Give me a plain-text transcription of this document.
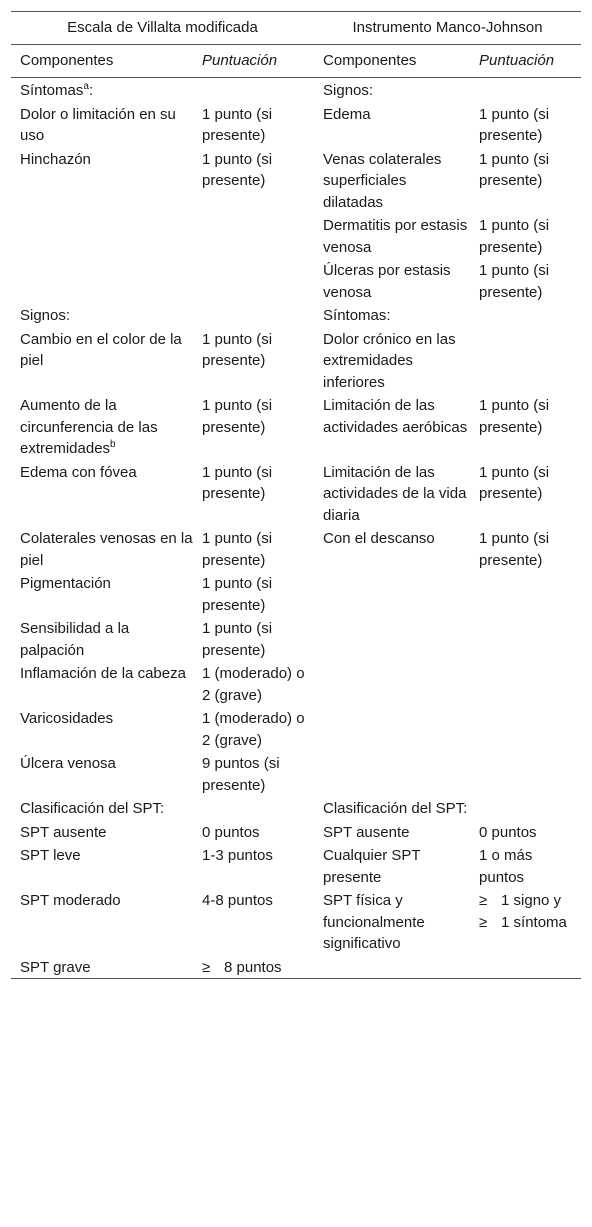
Escala de Villalta modificada		Instrumento Manco-Johnson	
Componentes	Puntuación	Componentes	Puntuación
Síntomas$^a$:		Signos:	
Dolor o limitación en su uso	1 punto (si presente)	Edema	1 punto (si presente)
Hinchazón	1 punto (si presente)	Venas colaterales superficiales dilatadas	1 punto (si presente)
		Dermatitis por estasis venosa	1 punto (si presente)
		Úlceras por estasis venosa	1 punto (si presente)
Signos:		Síntomas:	
Cambio en el color de la piel	1 punto (si presente)	Dolor crónico en las extremidades inferiores	
Aumento de la circunferencia de las extremidades$^b$	1 punto (si presente)	Limitación de las actividades aeróbicas	1 punto (si presente)
Edema con fóvea	1 punto (si presente)	Limitación de las actividades de la vida diaria	1 punto (si presente)
Colaterales venosas en la piel	1 punto (si presente)	Con el descanso	1 punto (si presente)
Pigmentación	1 punto (si presente)		
Sensibilidad a la palpación	1 punto (si presente)		
Inflamación de la cabeza	1 (moderado) o 2 (grave)		
Varicosidades	1 (moderado) o 2 (grave)		
Úlcera venosa	9 puntos (si presente)		
Clasificación del SPT:		Clasificación del SPT:	
SPT ausente	0 puntos	SPT ausente	0 puntos
SPT leve	1-3 puntos	Cualquier SPT presente	1 o más puntos
SPT moderado	4-8 puntos	SPT física y funcionalmente significativo	≥ 1 signo y
≥ 1 síntoma
SPT grave	≥ 8 puntos		
